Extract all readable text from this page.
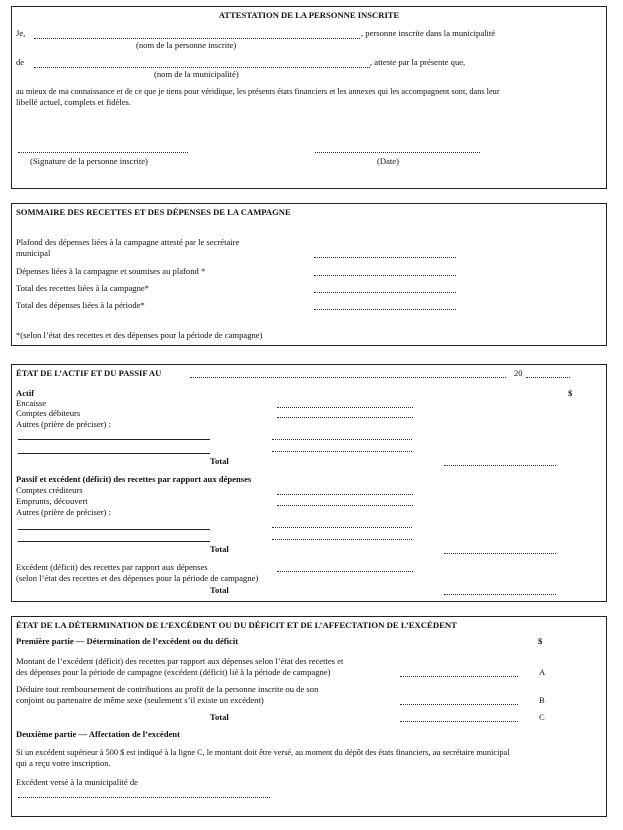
ATTESTATION DE LA PERSONNE INSCRITE
Je,	, personne inscrite dans la municipalité
(nom de la personne inscrite)
de	, atteste par la présente que,
(nom de la municipalité)
au mieux de ma connaissance et de ce que je tiens pour véridique, les présents états financiers et les annexes qui les accompagnent sont, dans leur
libellé actuel, complets et fidèles.
(Signature de la personne inscrite)	(Date)
SOMMAIRE DES RECETTES ET DES DÉPENSES DE LA CAMPAGNE
Plafond des dépenses liées à la campagne attesté par le secrétaire
municipal
Dépenses liées à la campagne et soumises au plafond *
Total des recettes liées à la campagne*
Total des dépenses liées à la période*
*(selon l’état des recettes et des dépenses pour la période de campagne)
ÉTAT DE L’ACTIF ET DU PASSIF AU	20
Actif	$
Encaisse
Comptes débiteurs
Autres (prière de préciser) :
Total
Passif et excédent (déficit) des recettes par rapport aux dépenses
Comptes créditeurs
Emprunts, découvert
Autres (prière de préciser) :
Total
Excédent (déficit) des recettes par rapport aux dépenses
(selon l’état des recettes et des dépenses pour la période de campagne)
Total
ÉTAT DE LA DÉTERMINATION DE L’EXCÉDENT OU DU DÉFICIT ET DE L’AFFECTATION DE L’EXCÉDENT
Première partie — Détermination de l’excédent ou du déficit	$
Montant de l’excédent (déficit) des recettes par rapport aux dépenses selon l’état des recettes et
des dépenses pour la période de campagne (excédent (déficit) lié à la période de campagne)	A
Déduire tout remboursement de contributions au profit de la personne inscrite ou de son
conjoint ou partenaire de même sexe (seulement s’il existe un excédent)	B
Total	C
Deuxième partie — Affectation de l’excédent
Si un excédent supérieur à 500 $ est indiqué à la ligne C, le montant doit être versé, au moment du dépôt des états financiers, au secrétaire municipal
qui a reçu votre inscription.
Excédent versé à la municipalité de
